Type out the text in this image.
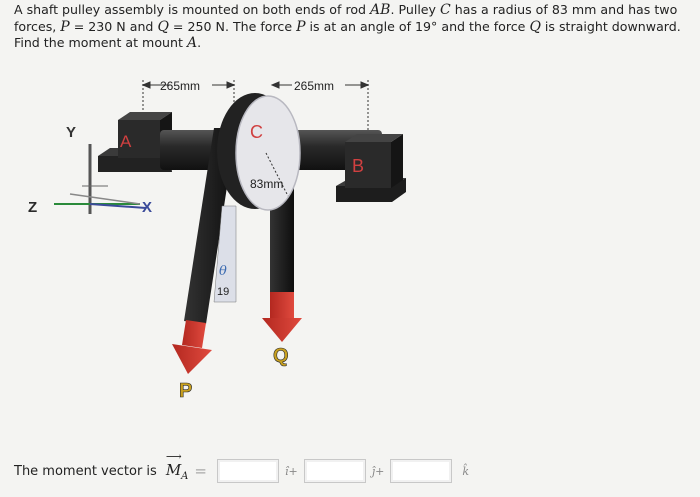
A shaft pulley assembly is mounted on both ends of rod AB. Pulley C has a radius of 83 mm and has two forces, P = 230 N and Q = 250 N. The force P is at an angle of 19° and the force Q is straight downward. Find the moment at mount A.
265mm	265mm
A
B
C
83mm
θ
19
P
Q
Y
X
Z
The moment vector is
⟶
$M_A$ =	î+	ĵ+	k̂
